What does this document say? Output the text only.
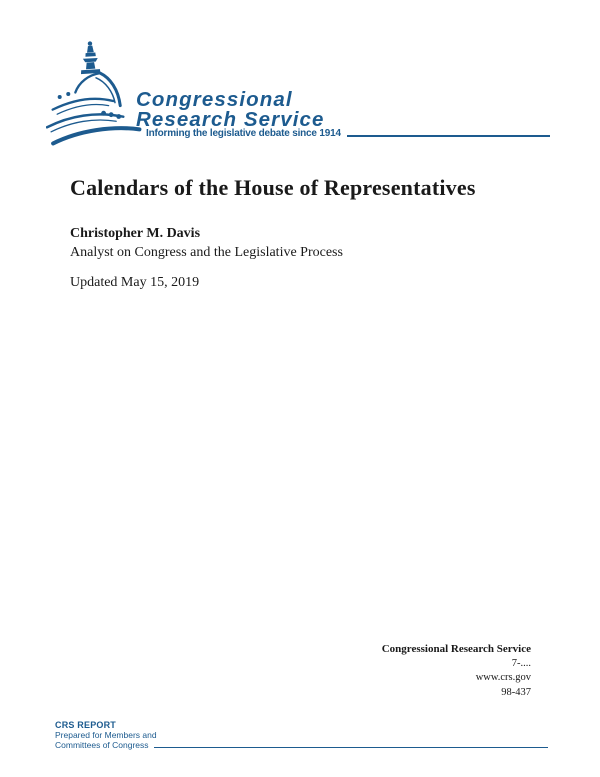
Congressional
Research Service
Informing the legislative debate since 1914
Calendars of the House of Representatives
Christopher M. Davis
Analyst on Congress and the Legislative Process
Updated May 15, 2019
Congressional Research Service
7-....
www.crs.gov
98-437
CRS REPORT
Prepared for Members and
Committees of Congress
